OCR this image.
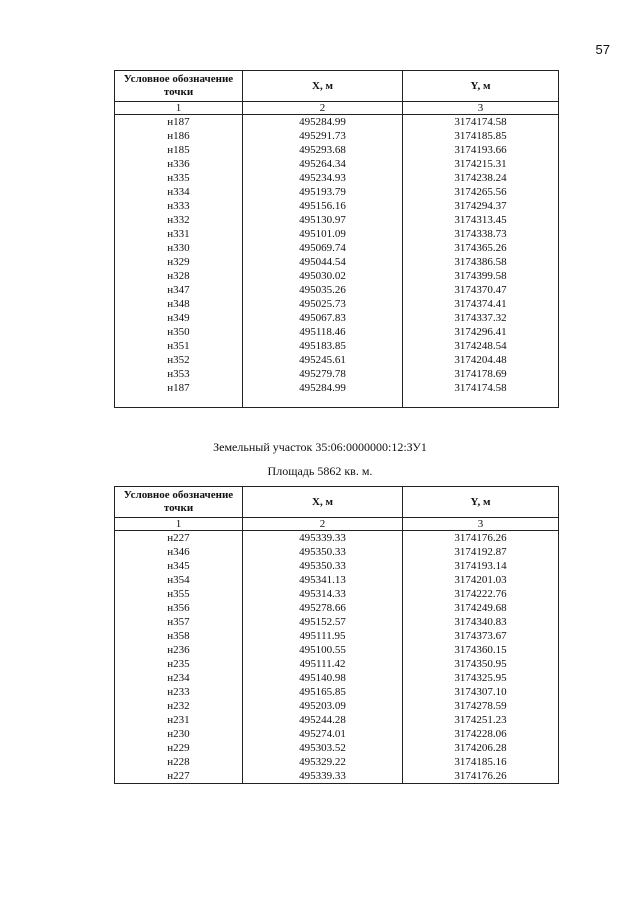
57
Условное обозначение точки	X, м	Y, м
1	2	3
н187	495284.99	3174174.58
н186	495291.73	3174185.85
н185	495293.68	3174193.66
н336	495264.34	3174215.31
н335	495234.93	3174238.24
н334	495193.79	3174265.56
н333	495156.16	3174294.37
н332	495130.97	3174313.45
н331	495101.09	3174338.73
н330	495069.74	3174365.26
н329	495044.54	3174386.58
н328	495030.02	3174399.58
н347	495035.26	3174370.47
н348	495025.73	3174374.41
н349	495067.83	3174337.32
н350	495118.46	3174296.41
н351	495183.85	3174248.54
н352	495245.61	3174204.48
н353	495279.78	3174178.69
н187	495284.99	3174174.58

Земельный участок 35:06:0000000:12:ЗУ1
Площадь 5862 кв. м.
Условное обозначение точки	X, м	Y, м
1	2	3
н227	495339.33	3174176.26
н346	495350.33	3174192.87
н345	495350.33	3174193.14
н354	495341.13	3174201.03
н355	495314.33	3174222.76
н356	495278.66	3174249.68
н357	495152.57	3174340.83
н358	495111.95	3174373.67
н236	495100.55	3174360.15
н235	495111.42	3174350.95
н234	495140.98	3174325.95
н233	495165.85	3174307.10
н232	495203.09	3174278.59
н231	495244.28	3174251.23
н230	495274.01	3174228.06
н229	495303.52	3174206.28
н228	495329.22	3174185.16
н227	495339.33	3174176.26
